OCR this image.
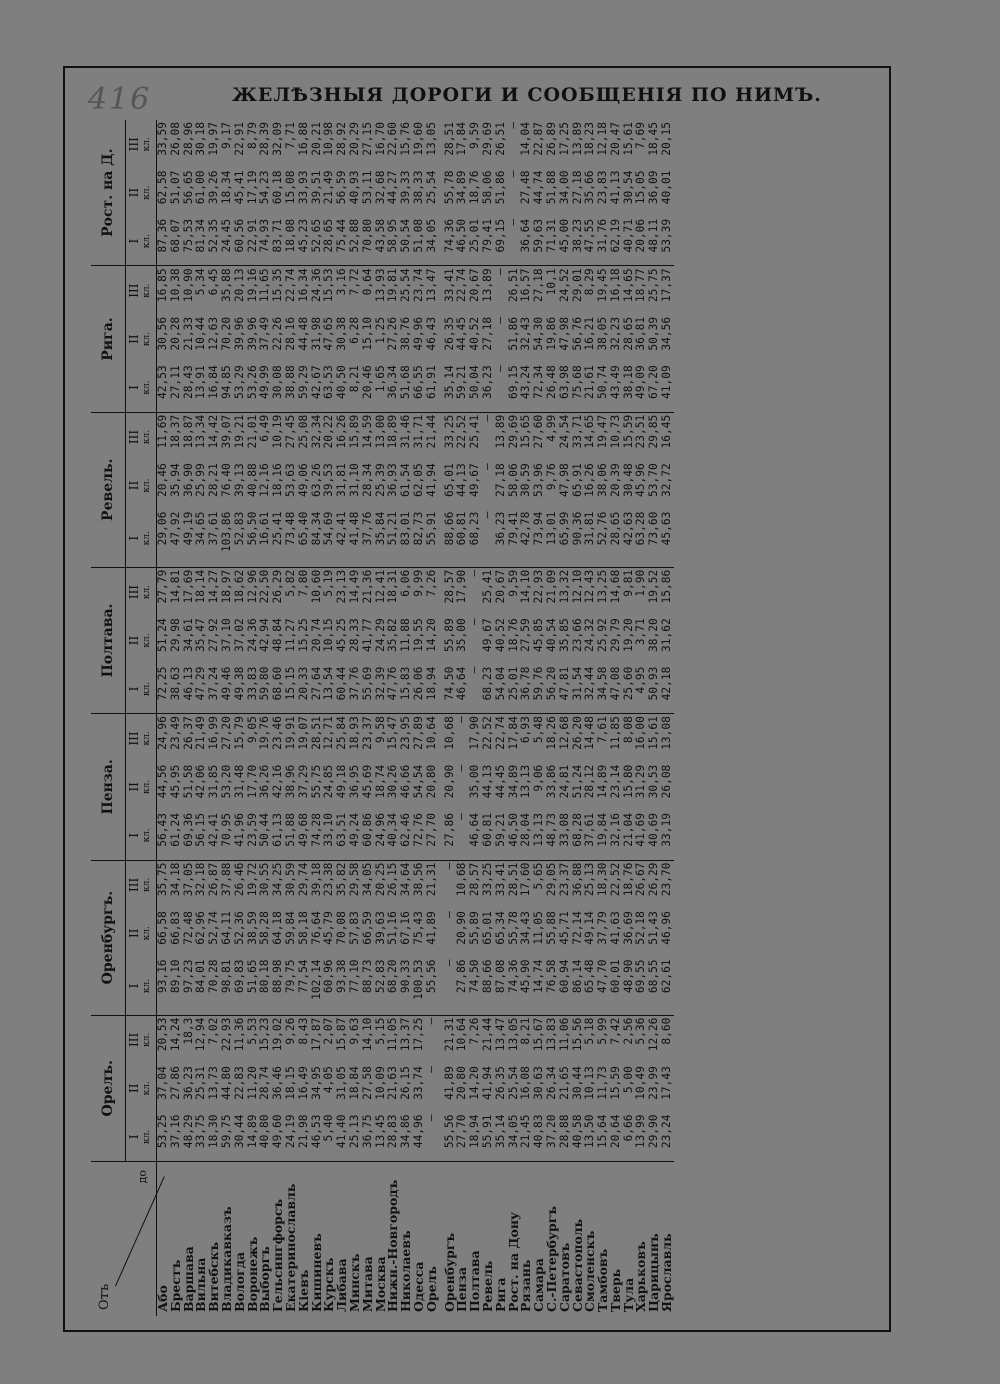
416	ЖЕЛѢЗНЫЯ ДОРОГИ И СООБЩЕНІЯ ПО НИМЪ.
Отъ
до	Орелъ.			Оренбургъ.			Пенза.			Полтава.			Ревель.			Рига.			Рост. на Д.		
	I кл.	II кл.	III кл.	I кл.	II кл.	III кл.	I кл.	II кл.	III кл.	I кл.	II кл.	III кл.	I кл.	II кл.	III кл.	I кл.	II кл.	III кл.	I кл.	II кл.	III кл.

Або	53,25	37,04	20,53	93,16	66,58	35,75	56,43	44,56	24,96	72,25	51,24	27,79	29,06	20,46	11,69	42,53	30,56	16,85	87,36	62,58	33,59
Брестъ	37,16	27,86	14,24	89,10	66,83	34,18	61,24	45,95	23,49	38,63	29,98	14,81	47,92	35,94	18,37	27,11	20,28	10,38	68,07	51,07	26,08
Варшава	48,29	36,23	18,3	97,23	72,48	37,05	69,36	51,58	26,37	46,13	34,61	17,69	49,19	36,90	18,87	28,43	21,33	10,90	75,53	56,65	28,96
Вильна	33,75	25,31	12,94	84,01	62,96	32,18	56,15	42,06	21,49	47,29	35,47	18,14	34,65	25,99	13,34	13,91	10,44	5,34	81,34	61,00	30,18
Витебскъ	18,30	13,73	7,02	70,28	52,74	26,87	42,41	31,85	16,99	37,24	27,92	14,27	37,61	28,21	14,42	16,84	12,63	6,45	52,35	39,26	19,97
Владикавказъ	59,75	44,80	22,93	98,81	64,11	37,88	70,95	53,20	27,20	49,46	37,10	18,97	103,86	76,40	39,07	94,85	70,20	35,88	24,45	18,34	9,17
Вологда	30,44	22,83	11,36	69,83	52,36	26,46	41,96	31,48	15,79	49,38	37,02	18,62	52,83	39,13	19,21	53,29	39,96	20,13	60,56	45,41	22,91
Воронежъ	14,89	11,20	5,53	51,65	38,59	19,72	23,59	17,70	9,05	33,83	24,36	12,96	56,50	40,88	21,01	53,26	39,96	19,16	22,91	17,19	8,79
Выборгъ	40,80	28,74	15,23	80,18	58,28	30,55	50,44	36,26	19,76	59,80	42,94	22,50	16,61	12,16	6,49	49,99	37,49	11,65	74,93	54,23	28,39
Гельсингфорсъ	49,60	36,46	19,02	88,98	64,18	34,25	61,13	42,16	23,46	68,60	48,84	26,29	25,41	18,16	10,19	30,08	22,26	15,35	83,71	60,18	32,09
Екатеринославль	24,19	18,15	9,26	79,75	59,84	30,59	51,88	38,96	19,91	15,15	11,27	5,82	73,48	53,63	27,45	38,88	28,16	22,74	18,08	15,08	7,71
Кіевъ	21,98	16,49	8,43	77,54	58,18	29,74	49,68	37,29	19,07	20,33	15,25	7,80	65,40	49,06	25,08	59,29	44,48	16,34	45,23	33,93	16,88
Кишиневъ	46,53	34,95	17,87	102,14	76,64	39,18	74,28	55,75	28,51	27,64	20,74	10,60	84,34	63,26	32,34	42,67	31,98	24,36	52,65	39,51	20,21
Курскъ	5,40	4,05	2,07	60,96	45,79	23,38	33,10	24,85	12,71	13,54	10,15	5,19	54,69	39,53	20,22	63,53	47,65	15,53	28,65	21,49	10,98
Либава	41,40	31,05	15,87	93,38	70,08	35,82	63,51	49,18	25,84	60,44	45,25	23,13	42,41	31,81	16,26	40,50	30,38	3,16	75,44	56,59	28,92
Минскъ	25,13	18,84	9,63	77,10	57,83	29,58	49,24	36,95	18,93	37,76	28,33	14,49	41,48	31,10	15,89	8,21	6,28	7,72	52,88	40,93	20,29
Митава	36,75	27,58	14,10	88,73	66,59	34,05	60,86	45,69	23,37	55,69	41,77	21,36	37,76	28,34	14,59	20,46	15,10	0,64	70,80	53,11	27,15
Москва	13,45	10,09	5,15	52,83	39,63	20,25	24,96	18,74	9,58	32,39	24,29	12,41	35,84	25,39	13,00	1,65	1,25	13,93	43,58	32,68	16,70
Нижн.-Новгородъ	28,83	21,63	11,05	68,20	51,16	26,15	40,34	30,26	15,47	47,76	35,82	18,31	51,21	36,93	18,89	36,34	27,26	19,81	58,95	44,27	22,60
Николаевъ	34,86	26,15	13,37	90,33	67,16	34,64	62,46	46,66	23,95	15,83	11,88	6,06	83,01	61,54	31,46	51,68	38,76	25,54	50,54	39,33	15,76
Одесса	44,96	33,74	17,25	100,53	75,43	38,56	72,76	54,54	27,89	26,06	19,55	9,99	82,73	62,05	31,71	66,55	49,96	23,74	51,08	38,33	19,60
Орелъ	—	—	—	55,56	41,89	21,31	27,70	20,80	10,64	18,94	14,20	7,26	55,91	41,94	21,44	61,91	46,43	13,47	34,05	25,54	13,05
Оренбургъ	55,56	41,89	21,31	—	—	—	27,86	20,90	10,68	74,50	55,89	28,57	88,66	65,01	33,25	35,14	26,35	33,41	74,36	55,78	28,51
Пенза	27,70	20,80	10,64	27,86	20,90	10,68	—	—	—	46,64	35,00	17,90	60,81	44,13	22,52	59,21	44,45	22,74	46,50	34,89	17,84
Полтава	18,94	14,20	7,26	74,50	55,89	28,57	46,64	35,00	17,90	—	—	—	68,23	49,67	25,41	50,04	40,52	20,67	25,01	18,76	9,59
Ревель	55,91	41,94	21,44	88,66	65,01	33,25	60,81	44,13	22,52	68,23	49,67	25,41	—	—	—	36,23	27,18	13,89	79,41	58,06	29,69
Рига	35,14	26,35	13,47	87,08	65,34	33,41	59,21	44,45	22,74	54,04	40,52	20,67	36,23	27,18	13,89	—	—	—	69,15	51,86	26,51
Рост. на Дону	34,05	25,54	13,05	74,36	55,78	28,51	46,50	34,89	17,84	25,01	18,76	9,59	79,41	58,06	29,69	69,15	51,86	26,51	—	—	—
Рязань	21,45	16,08	8,21	45,90	34,43	17,60	28,04	13,13	6,93	36,78	27,59	14,10	42,78	30,59	15,65	43,24	32,43	16,57	36,64	27,48	14,04
Самара	40,83	30,63	15,67	14,74	11,05	5,65	13,13	9,06	5,48	59,76	45,85	22,93	73,94	53,96	27,60	72,34	54,30	27,18	59,63	44,74	22,87
С.-Петербургъ	37,20	26,34	13,83	76,58	55,88	29,05	48,73	33,86	18,26	56,20	40,54	21,09	13,01	9,76	4,99	26,48	19,86	10,1	71,31	51,88	26,89
Саратовъ	28,88	21,65	11,06	60,94	45,71	23,37	33,08	24,81	12,68	47,81	35,85	13,32	65,99	47,98	24,54	63,98	47,98	24,52	45,00	34,00	17,25
Севастополь	40,58	30,44	15,56	86,14	72,14	36,88	68,28	51,24	26,20	31,54	23,66	12,10	90,36	65,91	33,71	75,68	56,76	29,01	38,23	27,18	13,89
Смоленскъ	13,50	10,13	5,18	65,48	49,14	25,13	37,61	28,12	14,48	32,44	24,32	12,43	31,81	16,26	14,65	21,61	16,21	8,29	47,55	35,66	18,23
Тамбовъ	15,64	11,73	5,99	47,70	37,79	18,30	19,84	14,89	7,61	34,58	25,92	13,25	52,76	38,06	19,47	50,74	38,05	19,45	31,76	23,83	12,18
Тверь	20,64	15,59	7,42	60,01	41,63	22,52	32,16	23,14	11,85	47,08	29,79	14,68	28,65	20,39	10,73	43,49	32,23	16,18	62,19	41,13	20,47
Тула	6,66	5,00	2,56	48,90	36,69	18,76	21,04	15,80	8,08	25,60	19,20	9,81	42,63	30,48	15,59	38,18	28,65	14,65	40,71	30,54	15,61
Харьковъ	13,99	10,49	5,36	69,55	52,18	26,67	41,69	31,29	16,00	4,95	3,71	1,90	63,28	45,96	23,51	49,09	36,81	18,77	20,06	15,05	7,69
Царицынъ	29,90	23,99	12,26	68,55	51,43	26,29	40,69	30,53	15,61	50,93	38,20	19,52	73,60	53,70	29,85	67,20	50,39	25,75	48,11	36,09	18,45
Ярославль	23,24	17,43	8,60	62,61	46,96	23,70	33,19	26,08	13,08	42,18	31,62	15,86	45,63	32,72	16,45	41,09	34,56	17,37	53,39	40,01	20,15
